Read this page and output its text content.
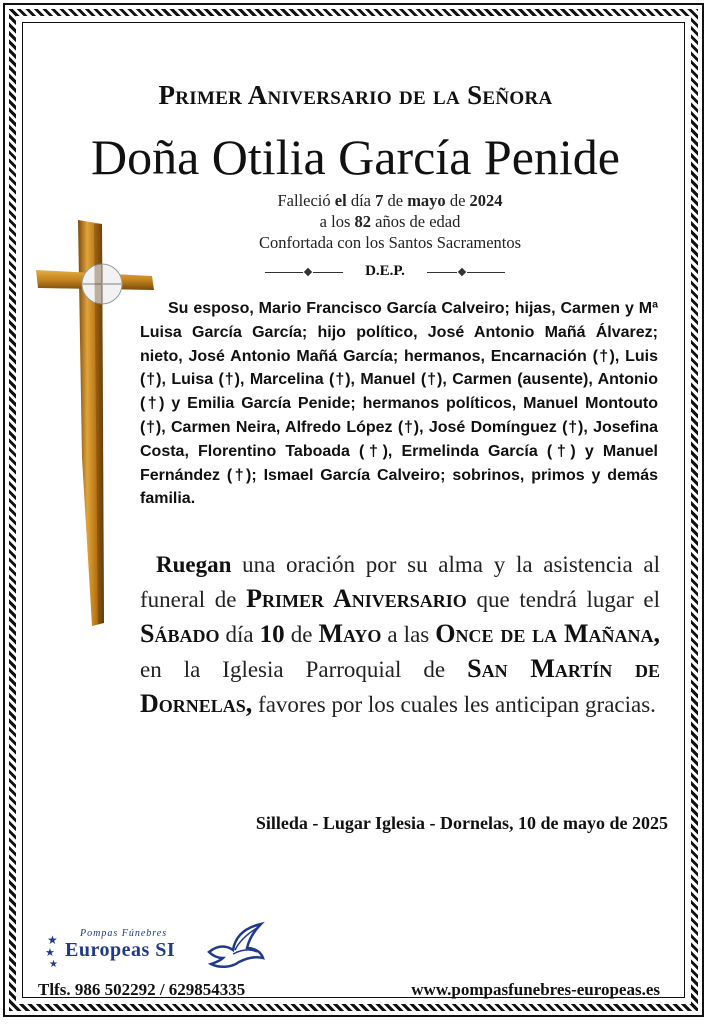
Primer Aniversario de la Señora
Doña Otilia García Penide
Falleció el día 7 de mayo de 2024
a los 82 años de edad
Confortada con los Santos Sacramentos
D.E.P.
Su esposo, Mario Francisco García Calveiro; hijas, Carmen y Mª Luisa García García; hijo político, José Antonio Mañá Álvarez; nieto, José Antonio Mañá García; hermanos, Encarnación (†), Luis (†), Luisa (†), Marcelina (†), Manuel (†), Carmen (ausente), Antonio (†) y Emilia García Penide; hermanos políticos, Manuel Montouto (†), Carmen Neira, Alfredo López (†), José Domínguez (†), Josefina Costa, Florentino Taboada (†), Ermelinda García (†) y Manuel Fernández (†); Ismael García Calveiro; sobrinos, primos y demás familia.
Ruegan una oración por su alma y la asistencia al funeral de Primer Aniversario que tendrá lugar el Sábado día 10 de Mayo a las Once de la Mañana, en la Iglesia Parroquial de San Martín de Dornelas, favores por los cuales les anticipan gracias.
Silleda - Lugar Iglesia - Dornelas, 10 de mayo de 2025
★
★
★
Pompas Fúnebres
Europeas SI
Tlfs. 986 502292 / 629854335	www.pompasfunebres-europeas.es
